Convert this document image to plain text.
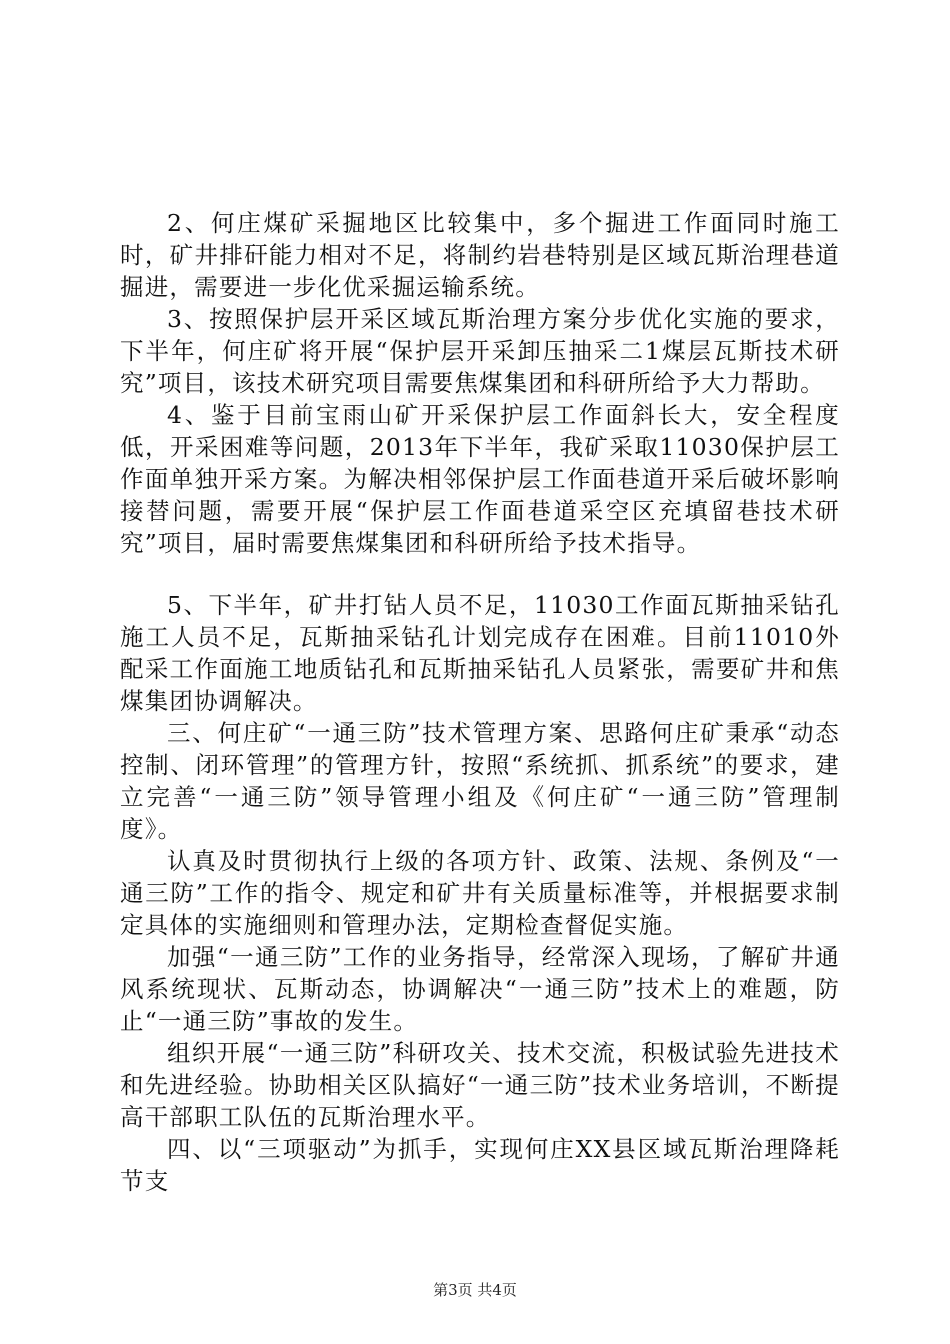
2、何庄煤矿采掘地区比较集中，多个掘进工作面同时施工时，矿井排矸能力相对不足，将制约岩巷特别是区域瓦斯治理巷道掘进，需要进一步化优采掘运输系统。

3、按照保护层开采区域瓦斯治理方案分步优化实施的要求，下半年，何庄矿将开展“保护层开采卸压抽采二1煤层瓦斯技术研究”项目，该技术研究项目需要焦煤集团和科研所给予大力帮助。

4、鉴于目前宝雨山矿开采保护层工作面斜长大，安全程度低，开采困难等问题，2013年下半年，我矿采取11030保护层工作面单独开采方案。为解决相邻保护层工作面巷道开采后破坏影响接替问题，需要开展“保护层工作面巷道采空区充填留巷技术研究”项目，届时需要焦煤集团和科研所给予技术指导。

5、下半年，矿井打钻人员不足，11030工作面瓦斯抽采钻孔施工人员不足，瓦斯抽采钻孔计划完成存在困难。目前11010外配采工作面施工地质钻孔和瓦斯抽采钻孔人员紧张，需要矿井和焦煤集团协调解决。

三、何庄矿“一通三防”技术管理方案、思路何庄矿秉承“动态控制、闭环管理”的管理方针，按照“系统抓、抓系统”的要求，建立完善“一通三防”领导管理小组及《何庄矿“一通三防”管理制度》。

认真及时贯彻执行上级的各项方针、政策、法规、条例及“一通三防”工作的指令、规定和矿井有关质量标准等，并根据要求制定具体的实施细则和管理办法，定期检查督促实施。

加强“一通三防”工作的业务指导，经常深入现场，了解矿井通风系统现状、瓦斯动态，协调解决“一通三防”技术上的难题，防止“一通三防”事故的发生。

组织开展“一通三防”科研攻关、技术交流，积极试验先进技术和先进经验。协助相关区队搞好“一通三防”技术业务培训，不断提高干部职工队伍的瓦斯治理水平。

四、以“三项驱动”为抓手，实现何庄XX县区域瓦斯治理降耗节支

第3页 共4页
